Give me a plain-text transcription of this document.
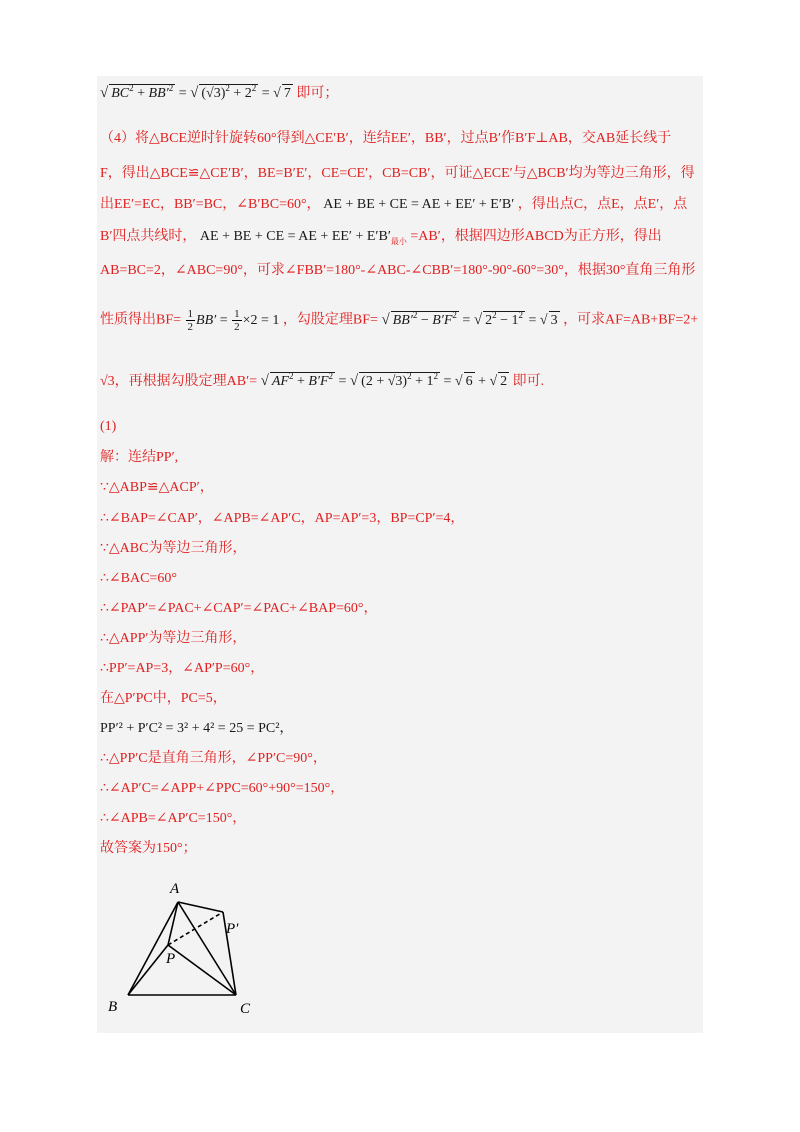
√ $BC^2 + BB'^2$ = √ $(√3)^2 + 2^2$ = √ 7 即可；
（4）将△BCE逆时针旋转60°得到△CE′B′，连结EE′，BB′，过点B′作B′F⊥AB，交AB延长线于
F，得出△BCE≌△CE′B′，BE=B′E′，CE=CE′，CB=CB′，可证△ECE′与△BCB′均为等边三角形，得
出EE′=EC，BB′=BC，∠B′BC=60°， AE + BE + CE = AE + EE′ + E′B′ ，得出点C，点E，点E′，点
B′四点共线时， AE + BE + CE = AE + $EE' + E'B'_{最小} =AB'$，根据四边形ABCD为正方形，得出
AB=BC=2，∠ABC=90°，可求∠FBB′=180°-∠ABC-∠CBB′=180°-90°-60°=30°，根据30°直角三角形
性质得出$BF= \frac{1}{2} BB' = \frac{1}{2} \times 2 = 1$ ，勾股定理BF= √ $BB'^2 - B'F^2$ = √ $2^2 - 1^2$ = √ 3 ，可求AF=AB+BF=2+
√3，再根据勾股定理AB′= √ $AF^2 + B'F^2$ = √ $(2 + √3)^2 + 1^2$ = √ 6 + √ 2 即可.
(1)
解：连结PP′,
∵△ABP≌△ACP′，
∴∠BAP=∠CAP′，∠APB=∠AP′C，AP=AP′=3，BP=CP′=4，
∵△ABC为等边三角形，
∴∠BAC=60°
∴∠PAP′=∠PAC+∠CAP′=∠PAC+∠BAP=60°，
∴△APP′为等边三角形，
∴PP′=AP=3，∠AP′P=60°，
在△P′PC中，PC=5，
PP′² + P′C² = 3² + 4² = 25 = PC²，
∴△PP′C是直角三角形，∠PP′C=90°，
∴∠AP′C=∠APP+∠PPC=60°+90°=150°，
∴∠APB=∠AP′C=150°，
故答案为150°；
A
B	C
P
P′
